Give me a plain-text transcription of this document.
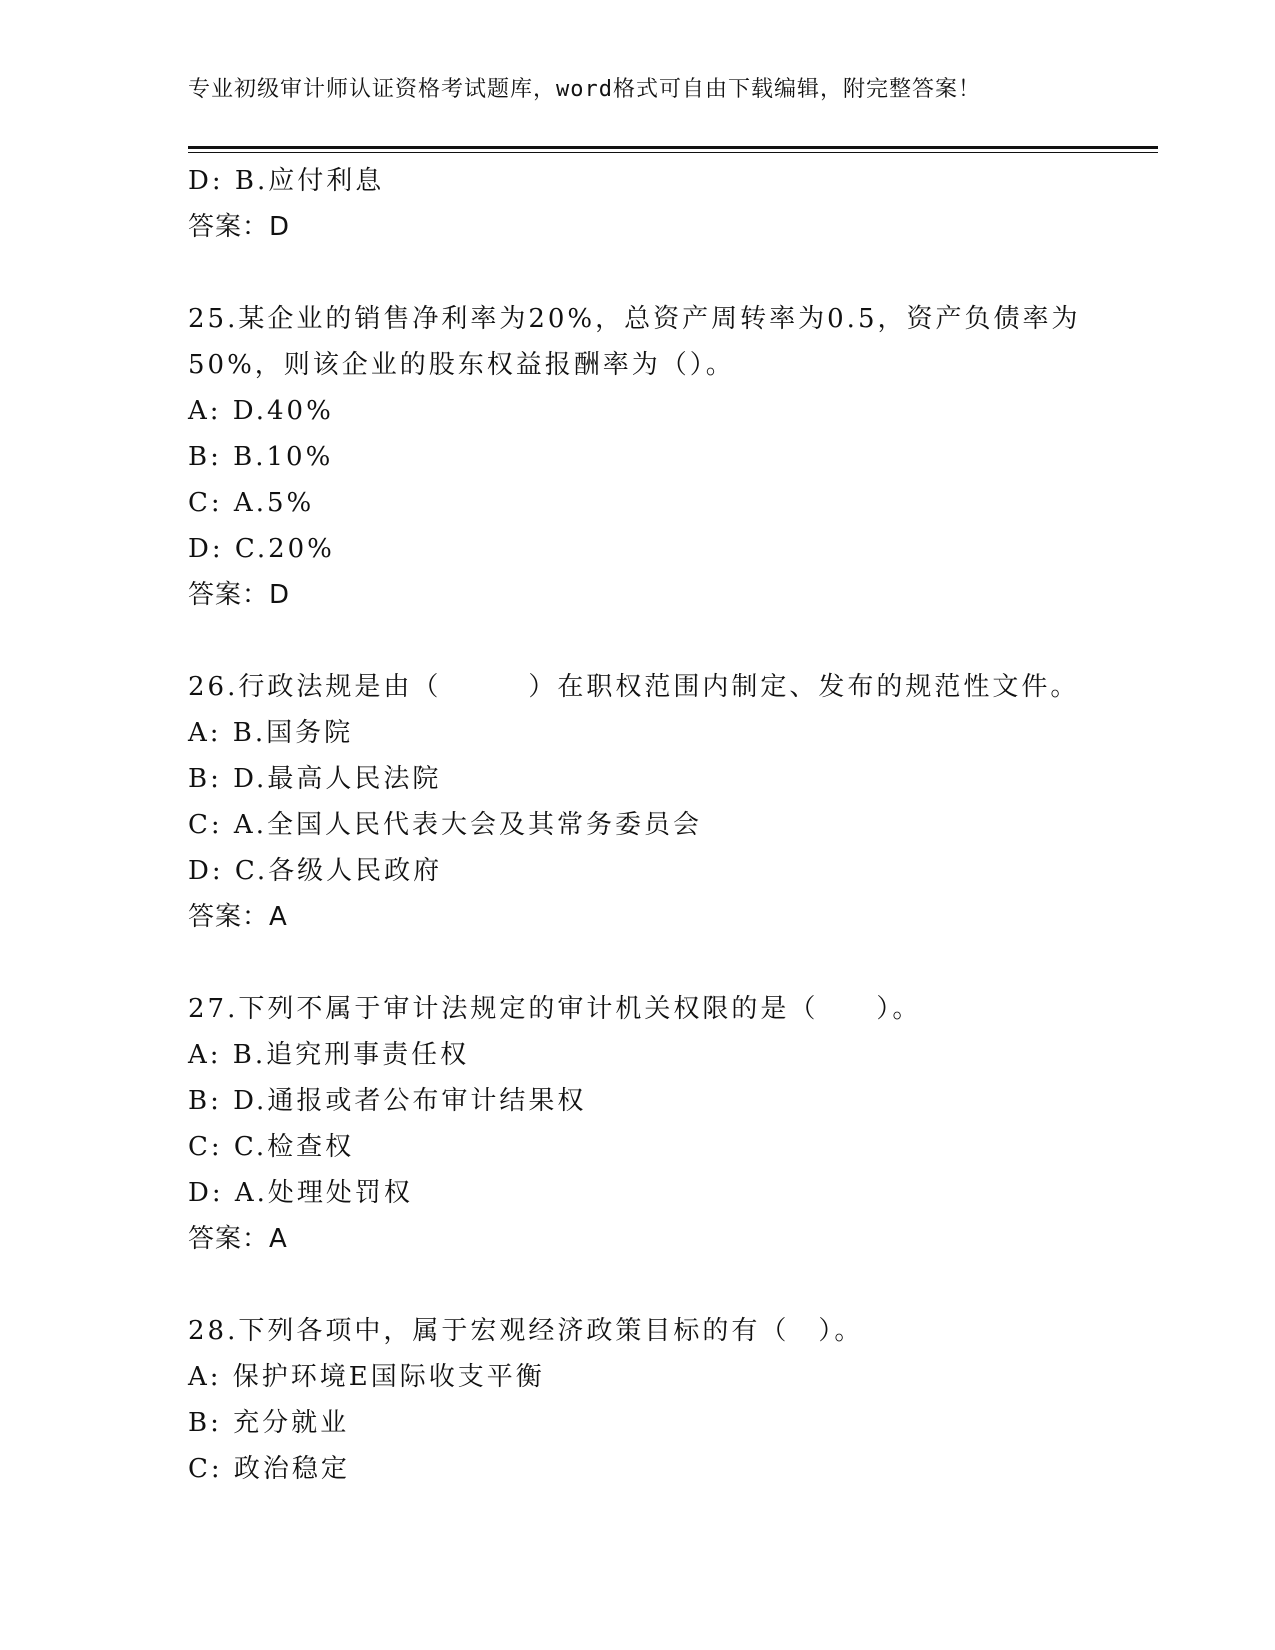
专业初级审计师认证资格考试题库，word格式可自由下载编辑，附完整答案！
D: B.应付利息
答案：D
25.某企业的销售净利率为20%，总资产周转率为0.5，资产负债率为
50%，则该企业的股东权益报酬率为（）。
A: D.40%
B: B.10%
C: A.5%
D: C.20%
答案：D
26.行政法规是由（　　　）在职权范围内制定、发布的规范性文件。
A: B.国务院
B: D.最高人民法院
C: A.全国人民代表大会及其常务委员会
D: C.各级人民政府
答案：A
27.下列不属于审计法规定的审计机关权限的是（　　）。
A: B.追究刑事责任权
B: D.通报或者公布审计结果权
C: C.检查权
D: A.处理处罚权
答案：A
28.下列各项中，属于宏观经济政策目标的有（　）。
A: 保护环境E国际收支平衡
B: 充分就业
C: 政治稳定
